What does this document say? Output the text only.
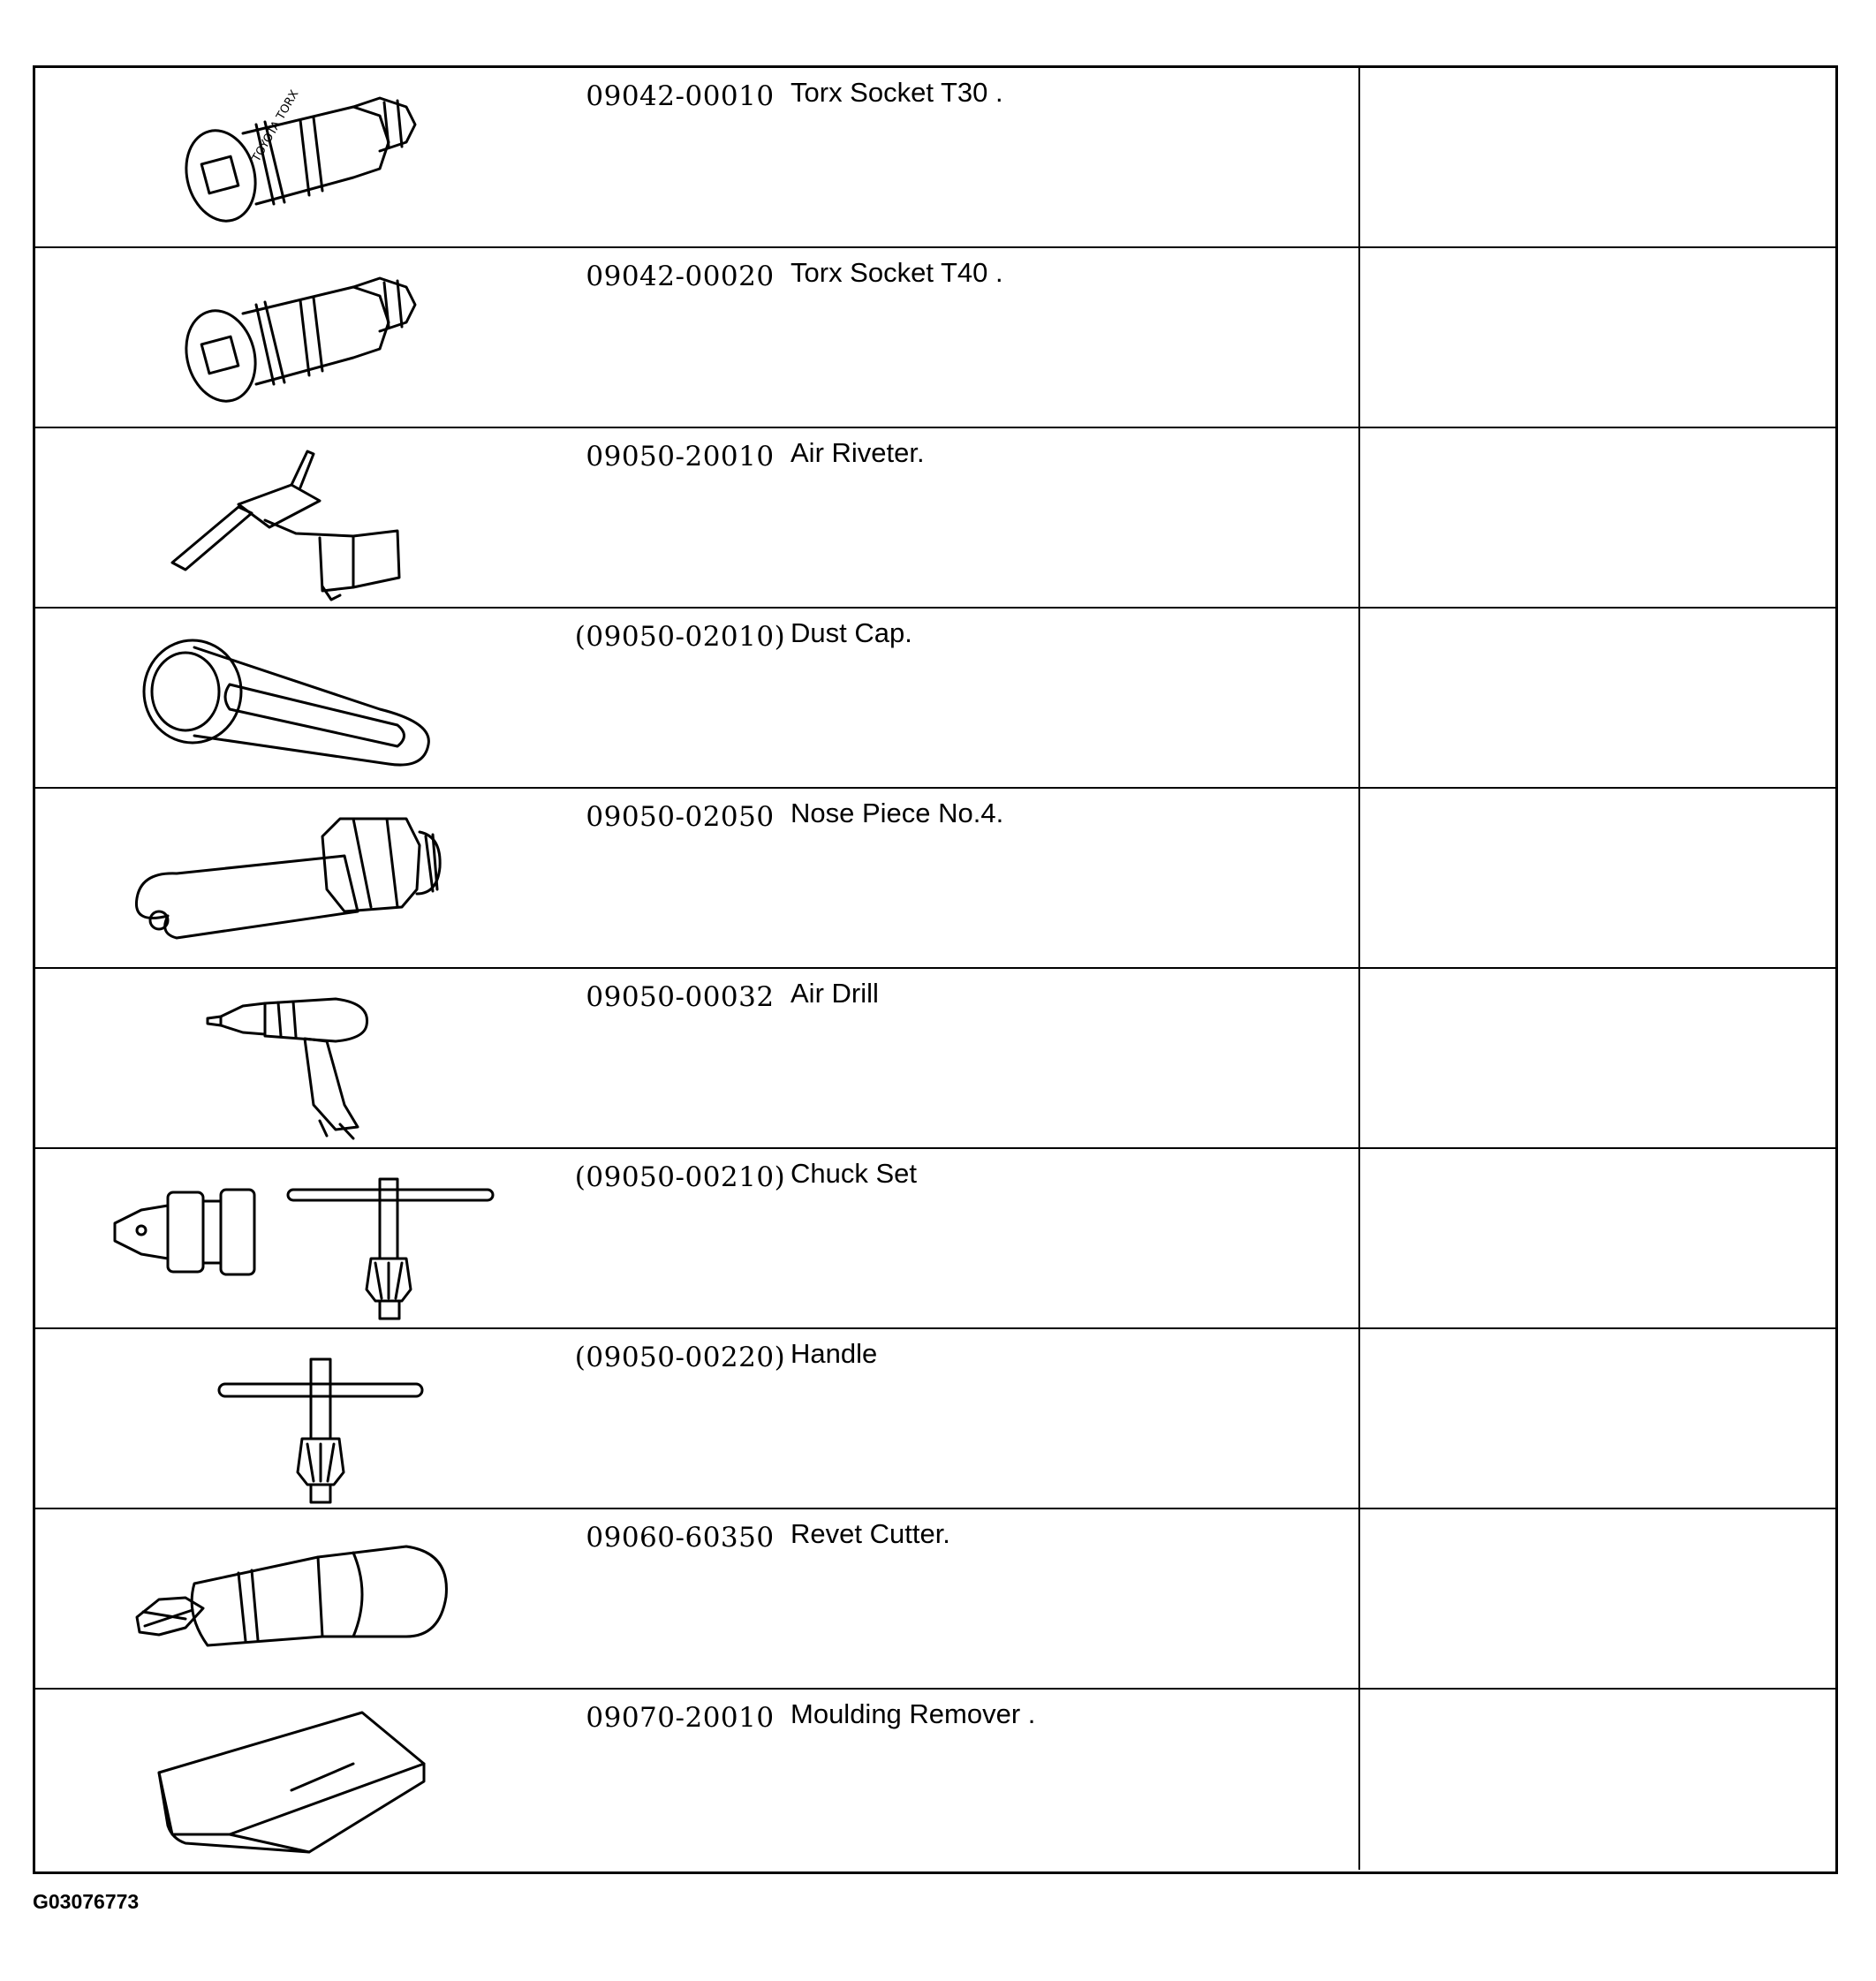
TOYOTA TORX	09042-00010 Torx Socket T30 .
09042-00020 Torx Socket T40 .
09050-20010 Air Riveter.
(09050-02010) Dust Cap.
09050-02050 Nose Piece No.4.
09050-00032 Air Drill
(09050-00210) Chuck Set
(09050-00220) Handle
09060-60350 Revet Cutter.
09070-20010 Moulding Remover .
G03076773
